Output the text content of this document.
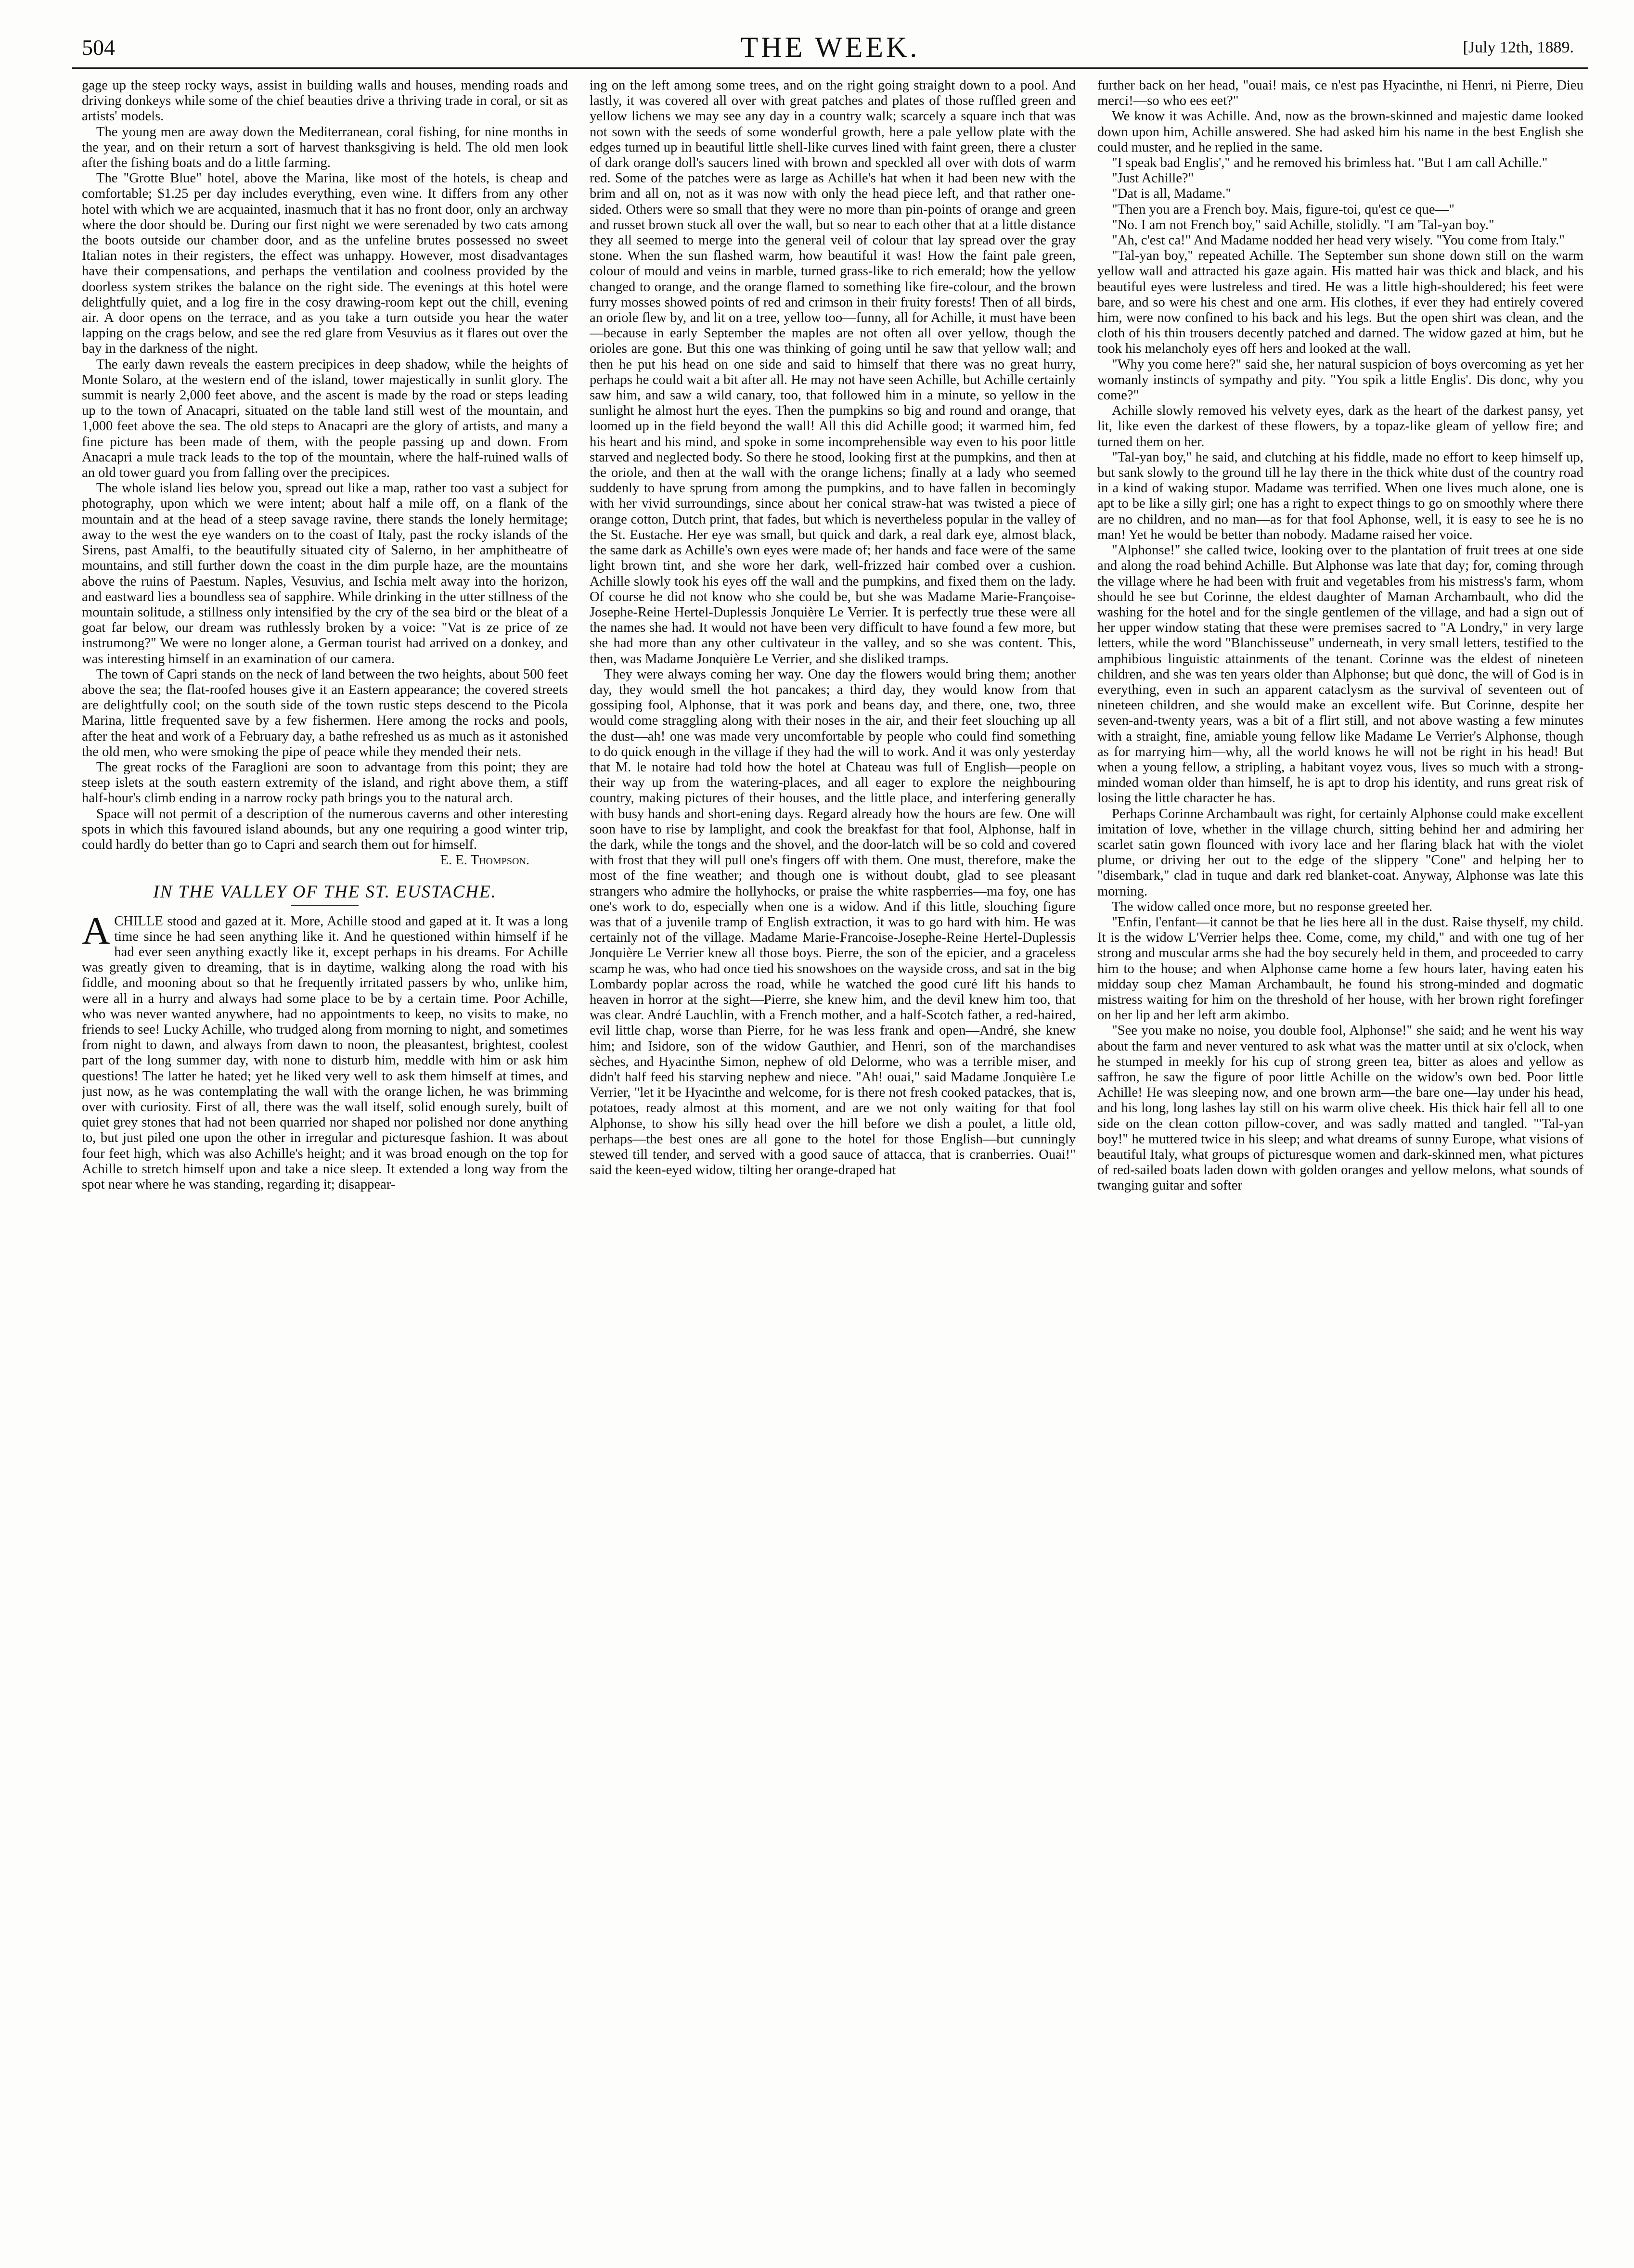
504	THE WEEK.	[July 12th, 1889.

gage up the steep rocky ways, assist in building walls and houses, mending roads and driving donkeys while some of the chief beauties drive a thriving trade in coral, or sit as artists' models.

The young men are away down the Mediterranean, coral fishing, for nine months in the year, and on their return a sort of harvest thanksgiving is held. The old men look after the fishing boats and do a little farming.

The "Grotte Blue" hotel, above the Marina, like most of the hotels, is cheap and comfortable; $1.25 per day includes everything, even wine. It differs from any other hotel with which we are acquainted, inasmuch that it has no front door, only an archway where the door should be. During our first night we were serenaded by two cats among the boots outside our chamber door, and as the unfeline brutes possessed no sweet Italian notes in their registers, the effect was unhappy. However, most disadvantages have their compensations, and perhaps the ventilation and coolness provided by the doorless system strikes the balance on the right side. The evenings at this hotel were delightfully quiet, and a log fire in the cosy drawing-room kept out the chill, evening air. A door opens on the terrace, and as you take a turn outside you hear the water lapping on the crags below, and see the red glare from Vesuvius as it flares out over the bay in the darkness of the night.

The early dawn reveals the eastern precipices in deep shadow, while the heights of Monte Solaro, at the western end of the island, tower majestically in sunlit glory. The summit is nearly 2,000 feet above, and the ascent is made by the road or steps leading up to the town of Anacapri, situated on the table land still west of the mountain, and 1,000 feet above the sea. The old steps to Anacapri are the glory of artists, and many a fine picture has been made of them, with the people passing up and down. From Anacapri a mule track leads to the top of the mountain, where the half-ruined walls of an old tower guard you from falling over the precipices.

The whole island lies below you, spread out like a map, rather too vast a subject for photography, upon which we were intent; about half a mile off, on a flank of the mountain and at the head of a steep savage ravine, there stands the lonely hermitage; away to the west the eye wanders on to the coast of Italy, past the rocky islands of the Sirens, past Amalfi, to the beautifully situated city of Salerno, in her amphitheatre of mountains, and still further down the coast in the dim purple haze, are the mountains above the ruins of Paestum. Naples, Vesuvius, and Ischia melt away into the horizon, and eastward lies a boundless sea of sapphire. While drinking in the utter stillness of the mountain solitude, a stillness only intensified by the cry of the sea bird or the bleat of a goat far below, our dream was ruthlessly broken by a voice: "Vat is ze price of ze instrumong?" We were no longer alone, a German tourist had arrived on a donkey, and was interesting himself in an examination of our camera.

The town of Capri stands on the neck of land between the two heights, about 500 feet above the sea; the flat-roofed houses give it an Eastern appearance; the covered streets are delightfully cool; on the south side of the town rustic steps descend to the Picola Marina, little frequented save by a few fishermen. Here among the rocks and pools, after the heat and work of a February day, a bathe refreshed us as much as it astonished the old men, who were smoking the pipe of peace while they mended their nets.

The great rocks of the Faraglioni are soon to advantage from this point; they are steep islets at the south eastern extremity of the island, and right above them, a stiff half-hour's climb ending in a narrow rocky path brings you to the natural arch.

Space will not permit of a description of the numerous caverns and other interesting spots in which this favoured island abounds, but any one requiring a good winter trip, could hardly do better than go to Capri and search them out for himself.

E. E. Thompson.
IN THE VALLEY OF THE ST. EUSTACHE.

ACHILLE stood and gazed at it. More, Achille stood and gaped at it. It was a long time since he had seen anything like it. And he questioned within himself if he had ever seen anything exactly like it, except perhaps in his dreams. For Achille was greatly given to dreaming, that is in daytime, walking along the road with his fiddle, and mooning about so that he frequently irritated passers by who, unlike him, were all in a hurry and always had some place to be by a certain time. Poor Achille, who was never wanted anywhere, had no appointments to keep, no visits to make, no friends to see! Lucky Achille, who trudged along from morning to night, and sometimes from night to dawn, and always from dawn to noon, the pleasantest, brightest, coolest part of the long summer day, with none to disturb him, meddle with him or ask him questions! The latter he hated; yet he liked very well to ask them himself at times, and just now, as he was contemplating the wall with the orange lichen, he was brimming over with curiosity. First of all, there was the wall itself, solid enough surely, built of quiet grey stones that had not been quarried nor shaped nor polished nor done anything to, but just piled one upon the other in irregular and picturesque fashion. It was about four feet high, which was also Achille's height; and it was broad enough on the top for Achille to stretch himself upon and take a nice sleep. It extended a long way from the spot near where he was standing, regarding it; disappear-

ing on the left among some trees, and on the right going straight down to a pool. And lastly, it was covered all over with great patches and plates of those ruffled green and yellow lichens we may see any day in a country walk; scarcely a square inch that was not sown with the seeds of some wonderful growth, here a pale yellow plate with the edges turned up in beautiful little shell-like curves lined with faint green, there a cluster of dark orange doll's saucers lined with brown and speckled all over with dots of warm red. Some of the patches were as large as Achille's hat when it had been new with the brim and all on, not as it was now with only the head piece left, and that rather one-sided. Others were so small that they were no more than pin-points of orange and green and russet brown stuck all over the wall, but so near to each other that at a little distance they all seemed to merge into the general veil of colour that lay spread over the gray stone. When the sun flashed warm, how beautiful it was! How the faint pale green, colour of mould and veins in marble, turned grass-like to rich emerald; how the yellow changed to orange, and the orange flamed to something like fire-colour, and the brown furry mosses showed points of red and crimson in their fruity forests! Then of all birds, an oriole flew by, and lit on a tree, yellow too—funny, all for Achille, it must have been—because in early September the maples are not often all over yellow, though the orioles are gone. But this one was thinking of going until he saw that yellow wall; and then he put his head on one side and said to himself that there was no great hurry, perhaps he could wait a bit after all. He may not have seen Achille, but Achille certainly saw him, and saw a wild canary, too, that followed him in a minute, so yellow in the sunlight he almost hurt the eyes. Then the pumpkins so big and round and orange, that loomed up in the field beyond the wall! All this did Achille good; it warmed him, fed his heart and his mind, and spoke in some incomprehensible way even to his poor little starved and neglected body. So there he stood, looking first at the pumpkins, and then at the oriole, and then at the wall with the orange lichens; finally at a lady who seemed suddenly to have sprung from among the pumpkins, and to have fallen in becomingly with her vivid surroundings, since about her conical straw-hat was twisted a piece of orange cotton, Dutch print, that fades, but which is nevertheless popular in the valley of the St. Eustache. Her eye was small, but quick and dark, a real dark eye, almost black, the same dark as Achille's own eyes were made of; her hands and face were of the same light brown tint, and she wore her dark, well-frizzed hair combed over a cushion. Achille slowly took his eyes off the wall and the pumpkins, and fixed them on the lady. Of course he did not know who she could be, but she was Madame Marie-Françoise-Josephe-Reine Hertel-Duplessis Jonquière Le Verrier. It is perfectly true these were all the names she had. It would not have been very difficult to have found a few more, but she had more than any other cultivateur in the valley, and so she was content. This, then, was Madame Jonquière Le Verrier, and she disliked tramps.

They were always coming her way. One day the flowers would bring them; another day, they would smell the hot pancakes; a third day, they would know from that gossiping fool, Alphonse, that it was pork and beans day, and there, one, two, three would come straggling along with their noses in the air, and their feet slouching up all the dust—ah! one was made very uncomfortable by people who could find something to do quick enough in the village if they had the will to work. And it was only yesterday that M. le notaire had told how the hotel at Chateau was full of English—people on their way up from the watering-places, and all eager to explore the neighbouring country, making pictures of their houses, and the little place, and interfering generally with busy hands and short-ening days. Regard already how the hours are few. One will soon have to rise by lamplight, and cook the breakfast for that fool, Alphonse, half in the dark, while the tongs and the shovel, and the door-latch will be so cold and covered with frost that they will pull one's fingers off with them. One must, therefore, make the most of the fine weather; and though one is without doubt, glad to see pleasant strangers who admire the hollyhocks, or praise the white raspberries—ma foy, one has one's work to do, especially when one is a widow. And if this little, slouching figure was that of a juvenile tramp of English extraction, it was to go hard with him. He was certainly not of the village. Madame Marie-Francoise-Josephe-Reine Hertel-Duplessis Jonquière Le Verrier knew all those boys. Pierre, the son of the epicier, and a graceless scamp he was, who had once tied his snowshoes on the wayside cross, and sat in the big Lombardy poplar across the road, while he watched the good curé lift his hands to heaven in horror at the sight—Pierre, she knew him, and the devil knew him too, that was clear. André Lauchlin, with a French mother, and a half-Scotch father, a red-haired, evil little chap, worse than Pierre, for he was less frank and open—André, she knew him; and Isidore, son of the widow Gauthier, and Henri, son of the marchandises sèches, and Hyacinthe Simon, nephew of old Delorme, who was a terrible miser, and didn't half feed his starving nephew and niece. "Ah! ouai," said Madame Jonquière Le Verrier, "let it be Hyacinthe and welcome, for is there not fresh cooked patackes, that is, potatoes, ready almost at this moment, and are we not only waiting for that fool Alphonse, to show his silly head over the hill before we dish a poulet, a little old, perhaps—the best ones are all gone to the hotel for those English—but cunningly stewed till tender, and served with a good sauce of attacca, that is cranberries. Ouai!" said the keen-eyed widow, tilting her orange-draped hat

further back on her head, "ouai! mais, ce n'est pas Hyacinthe, ni Henri, ni Pierre, Dieu merci!—so who ees eet?"

We know it was Achille. And, now as the brown-skinned and majestic dame looked down upon him, Achille answered. She had asked him his name in the best English she could muster, and he replied in the same.

"I speak bad Englis'," and he removed his brimless hat. "But I am call Achille."

"Just Achille?"

"Dat is all, Madame."

"Then you are a French boy. Mais, figure-toi, qu'est ce que—"

"No. I am not French boy," said Achille, stolidly. "I am 'Tal-yan boy."

"Ah, c'est ca!" And Madame nodded her head very wisely. "You come from Italy."

"Tal-yan boy," repeated Achille. The September sun shone down still on the warm yellow wall and attracted his gaze again. His matted hair was thick and black, and his beautiful eyes were lustreless and tired. He was a little high-shouldered; his feet were bare, and so were his chest and one arm. His clothes, if ever they had entirely covered him, were now confined to his back and his legs. But the open shirt was clean, and the cloth of his thin trousers decently patched and darned. The widow gazed at him, but he took his melancholy eyes off hers and looked at the wall.

"Why you come here?" said she, her natural suspicion of boys overcoming as yet her womanly instincts of sympathy and pity. "You spik a little Englis'. Dis donc, why you come?"

Achille slowly removed his velvety eyes, dark as the heart of the darkest pansy, yet lit, like even the darkest of these flowers, by a topaz-like gleam of yellow fire; and turned them on her.

"Tal-yan boy," he said, and clutching at his fiddle, made no effort to keep himself up, but sank slowly to the ground till he lay there in the thick white dust of the country road in a kind of waking stupor. Madame was terrified. When one lives much alone, one is apt to be like a silly girl; one has a right to expect things to go on smoothly where there are no children, and no man—as for that fool Aphonse, well, it is easy to see he is no man! Yet he would be better than nobody. Madame raised her voice.

"Alphonse!" she called twice, looking over to the plantation of fruit trees at one side and along the road behind Achille. But Alphonse was late that day; for, coming through the village where he had been with fruit and vegetables from his mistress's farm, whom should he see but Corinne, the eldest daughter of Maman Archambault, who did the washing for the hotel and for the single gentlemen of the village, and had a sign out of her upper window stating that these were premises sacred to "A Londry," in very large letters, while the word "Blanchisseuse" underneath, in very small letters, testified to the amphibious linguistic attainments of the tenant. Corinne was the eldest of nineteen children, and she was ten years older than Alphonse; but què donc, the will of God is in everything, even in such an apparent cataclysm as the survival of seventeen out of nineteen children, and she would make an excellent wife. But Corinne, despite her seven-and-twenty years, was a bit of a flirt still, and not above wasting a few minutes with a straight, fine, amiable young fellow like Madame Le Verrier's Alphonse, though as for marrying him—why, all the world knows he will not be right in his head! But when a young fellow, a stripling, a habitant voyez vous, lives so much with a strong-minded woman older than himself, he is apt to drop his identity, and runs great risk of losing the little character he has.

Perhaps Corinne Archambault was right, for certainly Alphonse could make excellent imitation of love, whether in the village church, sitting behind her and admiring her scarlet satin gown flounced with ivory lace and her flaring black hat with the violet plume, or driving her out to the edge of the slippery "Cone" and helping her to "disembark," clad in tuque and dark red blanket-coat. Anyway, Alphonse was late this morning.

The widow called once more, but no response greeted her.

"Enfin, l'enfant—it cannot be that he lies here all in the dust. Raise thyself, my child. It is the widow L'Verrier helps thee. Come, come, my child," and with one tug of her strong and muscular arms she had the boy securely held in them, and proceeded to carry him to the house; and when Alphonse came home a few hours later, having eaten his midday soup chez Maman Archambault, he found his strong-minded and dogmatic mistress waiting for him on the threshold of her house, with her brown right forefinger on her lip and her left arm akimbo.

"See you make no noise, you double fool, Alphonse!" she said; and he went his way about the farm and never ventured to ask what was the matter until at six o'clock, when he stumped in meekly for his cup of strong green tea, bitter as aloes and yellow as saffron, he saw the figure of poor little Achille on the widow's own bed. Poor little Achille! He was sleeping now, and one brown arm—the bare one—lay under his head, and his long, long lashes lay still on his warm olive cheek. His thick hair fell all to one side on the clean cotton pillow-cover, and was sadly matted and tangled. "'Tal-yan boy!" he muttered twice in his sleep; and what dreams of sunny Europe, what visions of beautiful Italy, what groups of picturesque women and dark-skinned men, what pictures of red-sailed boats laden down with golden oranges and yellow melons, what sounds of twanging guitar and softer
